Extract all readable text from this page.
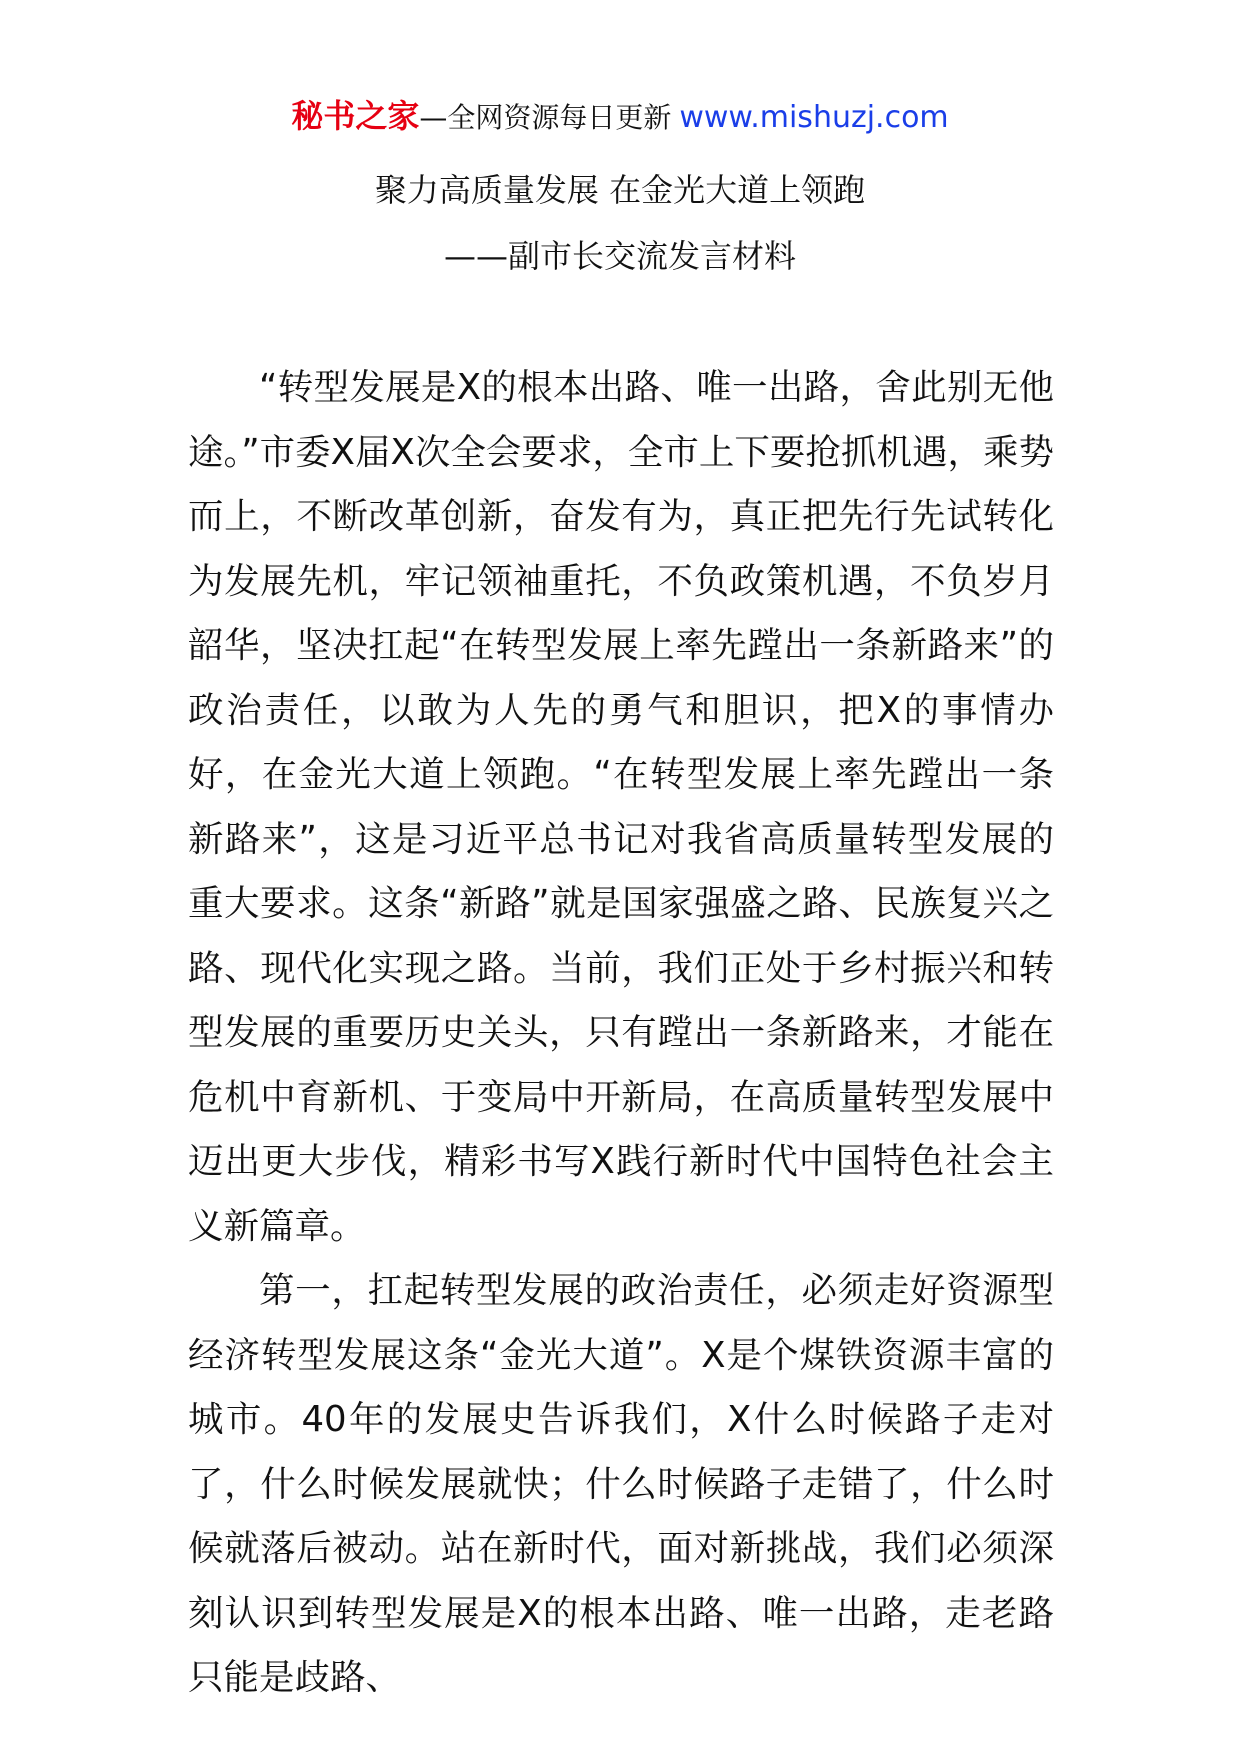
秘书之家—全网资源每日更新 www.mishuzj.com
聚力高质量发展 在金光大道上领跑
——副市长交流发言材料

“转型发展是X的根本出路、唯一出路，舍此别无他途。”市委X届X次全会要求，全市上下要抢抓机遇，乘势而上，不断改革创新，奋发有为，真正把先行先试转化为发展先机，牢记领袖重托，不负政策机遇，不负岁月韶华，坚决扛起“在转型发展上率先蹚出一条新路来”的政治责任，以敢为人先的勇气和胆识，把X的事情办好，在金光大道上领跑。“在转型发展上率先蹚出一条新路来”，这是习近平总书记对我省高质量转型发展的重大要求。这条“新路”就是国家强盛之路、民族复兴之路、现代化实现之路。当前，我们正处于乡村振兴和转型发展的重要历史关头，只有蹚出一条新路来，才能在危机中育新机、于变局中开新局，在高质量转型发展中迈出更大步伐，精彩书写X践行新时代中国特色社会主义新篇章。

第一，扛起转型发展的政治责任，必须走好资源型经济转型发展这条“金光大道”。X是个煤铁资源丰富的城市。40年的发展史告诉我们，X什么时候路子走对了，什么时候发展就快；什么时候路子走错了，什么时候就落后被动。站在新时代，面对新挑战，我们必须深刻认识到转型发展是X的根本出路、唯一出路，走老路只能是歧路、
